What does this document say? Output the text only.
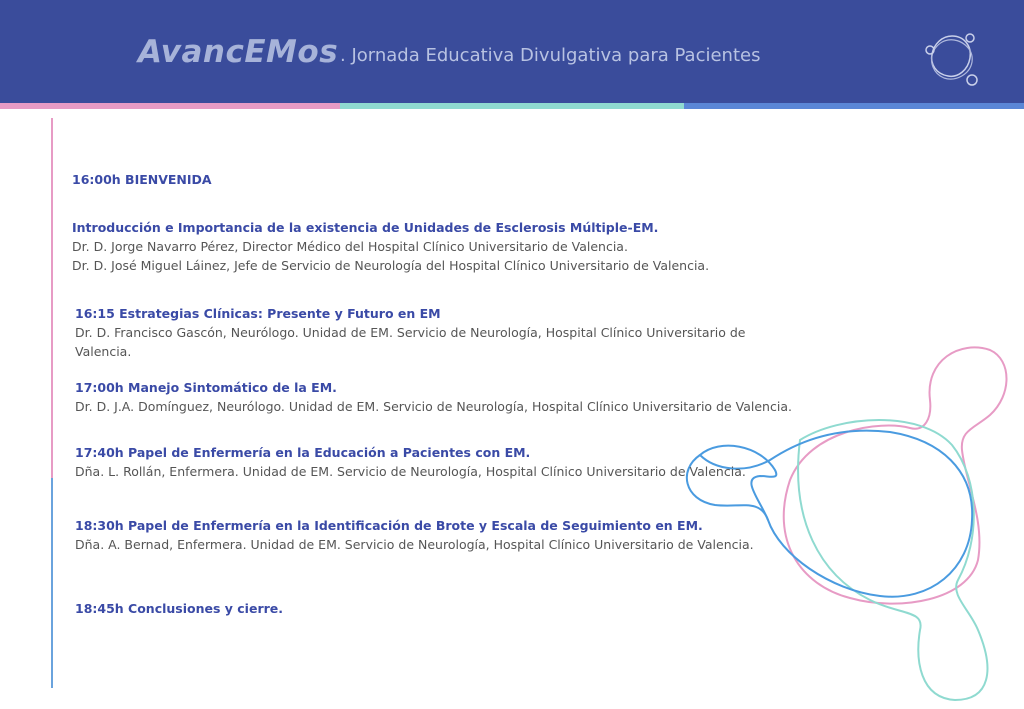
AvancEMos . Jornada Educativa Divulgativa para Pacientes
16:00h BIENVENIDA
Introducción e Importancia de la existencia de Unidades de Esclerosis Múltiple-EM.
Dr. D. Jorge Navarro Pérez, Director Médico del Hospital Clínico Universitario de Valencia.
Dr. D. José Miguel Láinez, Jefe de Servicio de Neurología del Hospital Clínico Universitario de Valencia.
16:15 Estrategias Clínicas: Presente y Futuro en EM
Dr. D. Francisco Gascón, Neurólogo. Unidad de EM. Servicio de Neurología, Hospital Clínico Universitario de
Valencia.
17:00h Manejo Sintomático de la EM.
Dr. D. J.A. Domínguez, Neurólogo. Unidad de EM. Servicio de Neurología, Hospital Clínico Universitario de Valencia.
17:40h Papel de Enfermería en la Educación a Pacientes con EM.
Dña. L. Rollán, Enfermera. Unidad de EM. Servicio de Neurología, Hospital Clínico Universitario de Valencia.
18:30h Papel de Enfermería en la Identificación de Brote y Escala de Seguimiento en EM.
Dña. A. Bernad, Enfermera. Unidad de EM. Servicio de Neurología, Hospital Clínico Universitario de Valencia.
18:45h Conclusiones y cierre.
